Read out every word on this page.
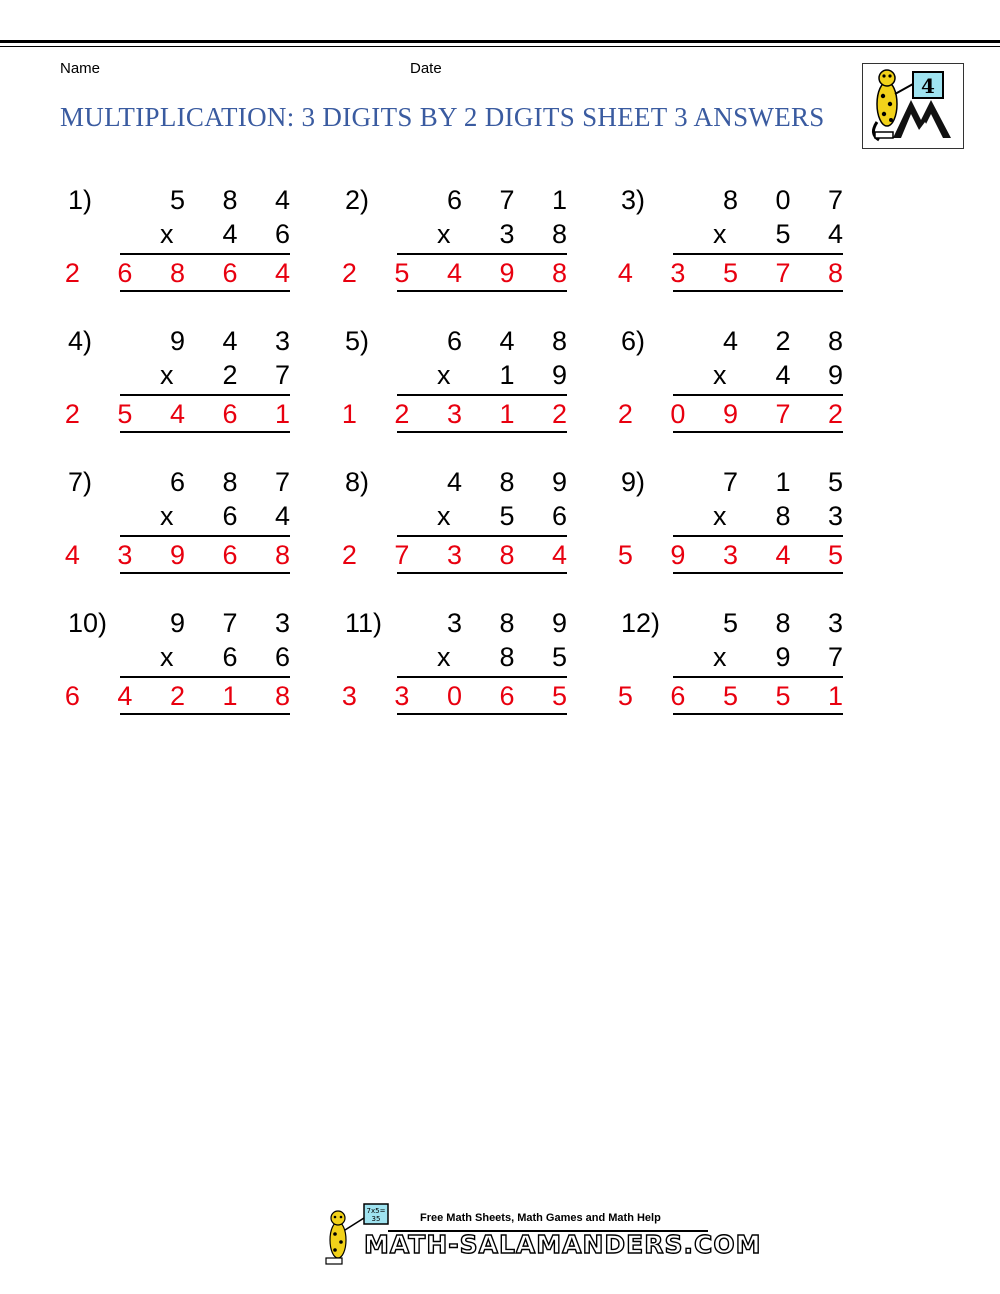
Name	Date
MULTIPLICATION: 3 DIGITS BY 2 DIGITS SHEET 3 ANSWERS
4
1)	5 8 4
x 4 6
2 6 8 6 4
2)	6 7 1
x 3 8
2 5 4 9 8
3)	8 0 7
x 5 4
4 3 5 7 8
4)	9 4 3
x 2 7
2 5 4 6 1
5)	6 4 8
x 1 9
1 2 3 1 2
6)	4 2 8
x 4 9
2 0 9 7 2
7)	6 8 7
x 6 4
4 3 9 6 8
8)	4 8 9
x 5 6
2 7 3 8 4
9)	7 1 5
x 8 3
5 9 3 4 5
10) 9 7 3
x 6 6
6 4 2 1 8
11) 3 8 9
x 8 5
3 3 0 6 5
12) 5 8 3
x 9 7
5 6 5 5 1
7x5=
35	Free Math Sheets, Math Games and Math Help
MATH-SALAMANDERS.COM
